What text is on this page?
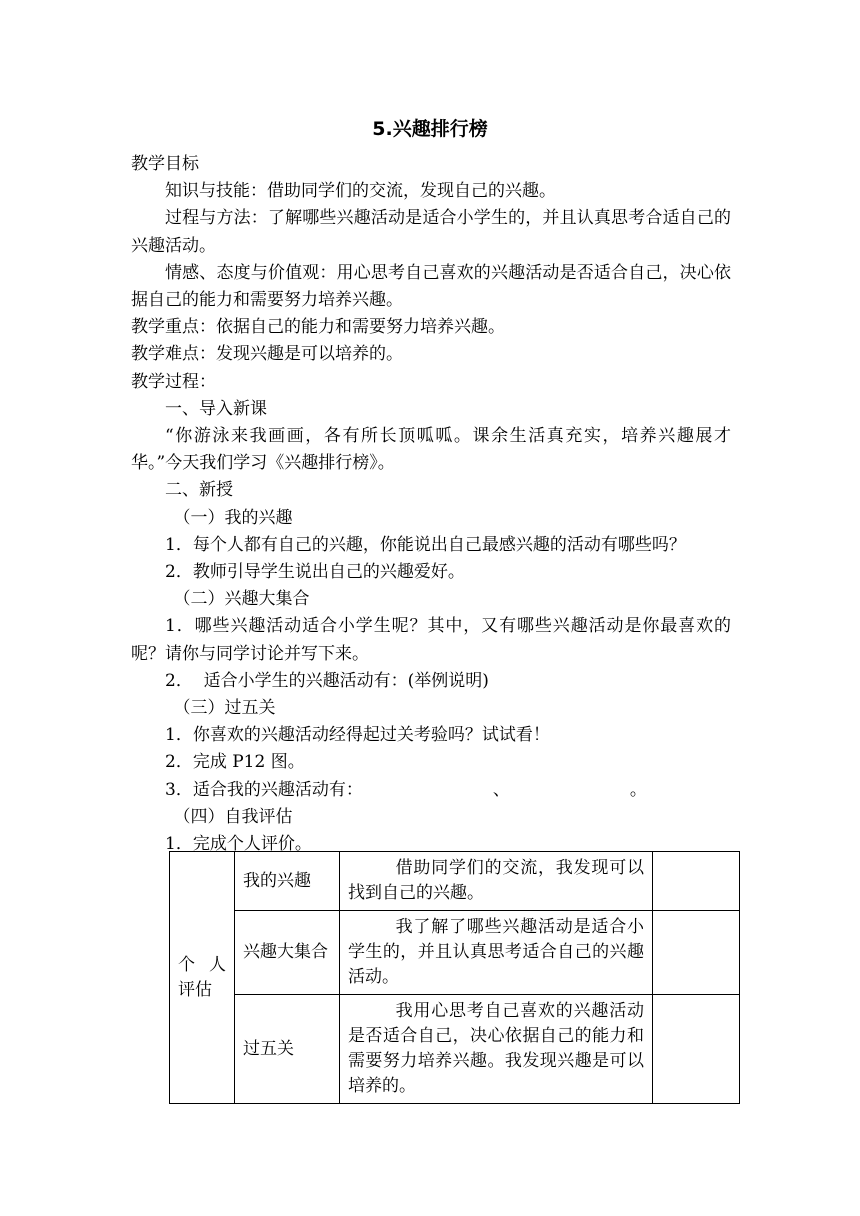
5.兴趣排行榜

教学目标

知识与技能：借助同学们的交流，发现自己的兴趣。

过程与方法：了解哪些兴趣活动是适合小学生的，并且认真思考合适自己的兴趣活动。

情感、态度与价值观：用心思考自己喜欢的兴趣活动是否适合自己，决心依据自己的能力和需要努力培养兴趣。

教学重点：依据自己的能力和需要努力培养兴趣。

教学难点：发现兴趣是可以培养的。

教学过程：

一、导入新课

“你游泳来我画画，各有所长顶呱呱。课余生活真充实，培养兴趣展才华。”今天我们学习《兴趣排行榜》。

二、新授

（一）我的兴趣

1．每个人都有自己的兴趣，你能说出自己最感兴趣的活动有哪些吗？

2．教师引导学生说出自己的兴趣爱好。

（二）兴趣大集合

1．哪些兴趣活动适合小学生呢？其中，又有哪些兴趣活动是你最喜欢的呢？请你与同学讨论并写下来。

2．  适合小学生的兴趣活动有：(举例说明)

（三）过五关

1．你喜欢的兴趣活动经得起过关考验吗？试试看！

2．完成 P12 图。

3．适合我的兴趣活动有：	、	。

（四）自我评估

1．完成个人评价。

个 人评估	我的兴趣	借助同学们的交流，我发现可以找到自己的兴趣。	

	兴趣大集合	我了解了哪些兴趣活动是适合小学生的，并且认真思考适合自己的兴趣活动。	

	过五关	我用心思考自己喜欢的兴趣活动是否适合自己，决心依据自己的能力和需要努力培养兴趣。我发现兴趣是可以培养的。	
